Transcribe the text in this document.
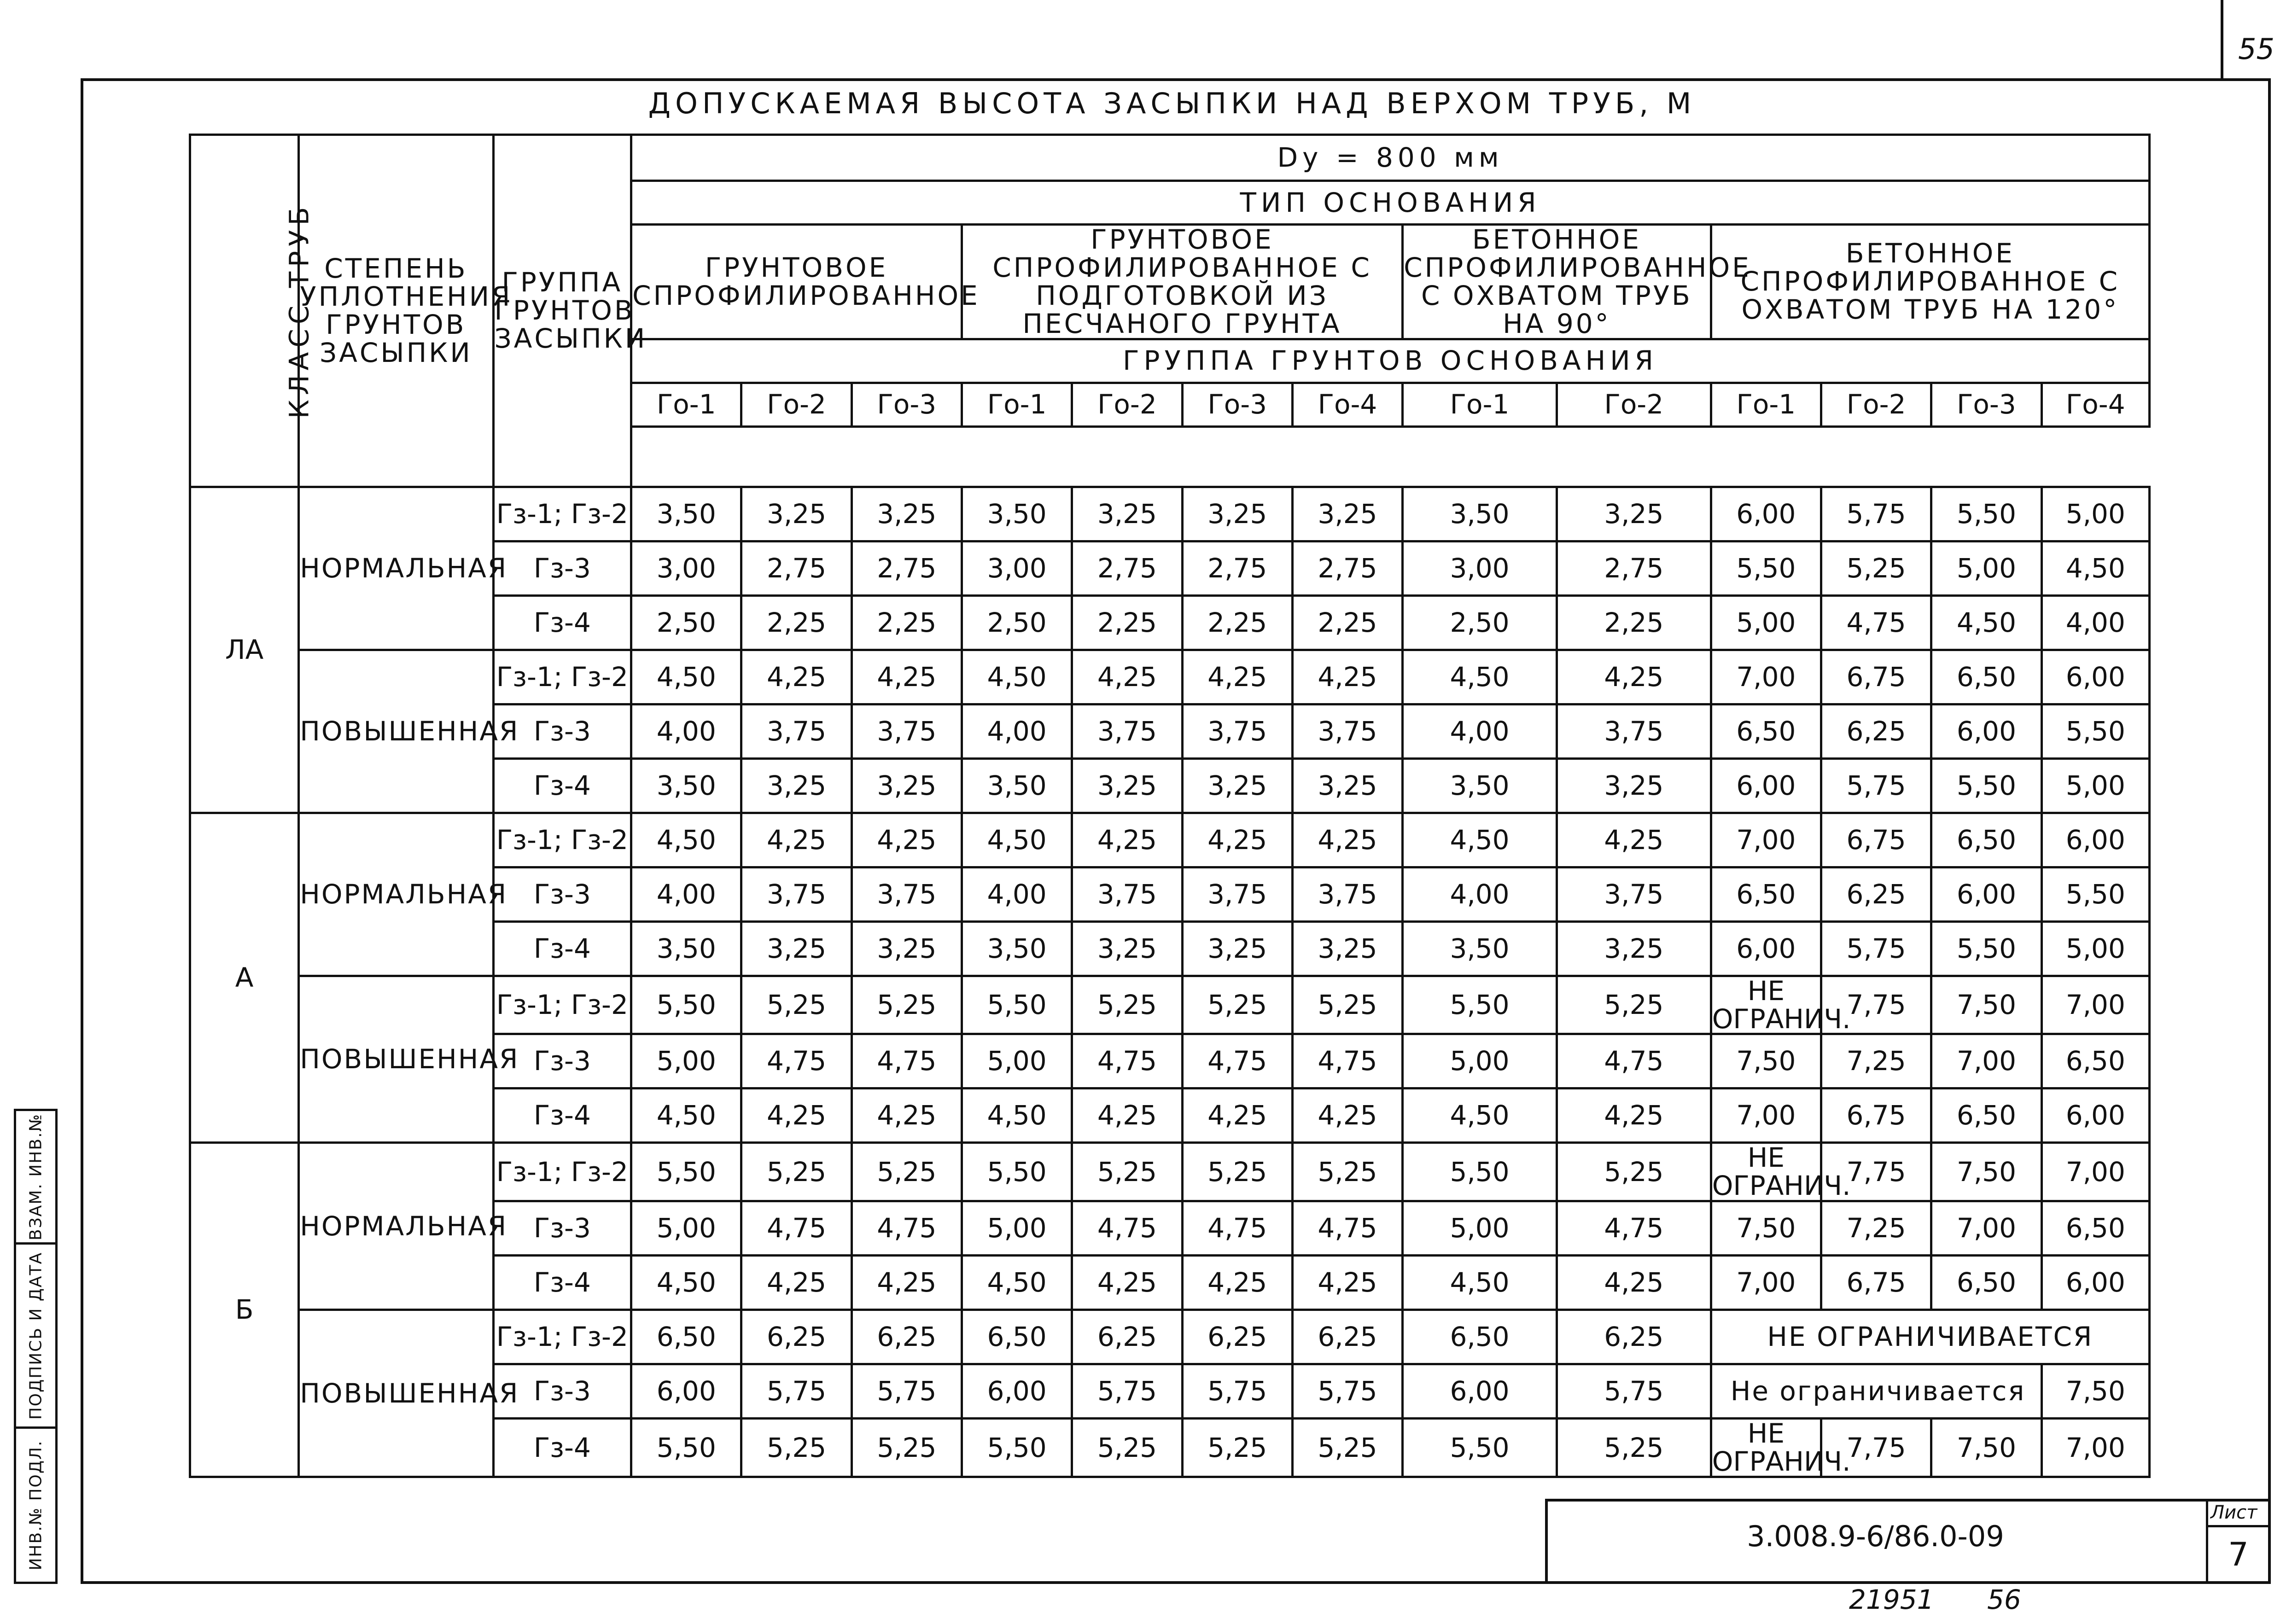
55
ДОПУСКАЕМАЯ ВЫСОТА ЗАСЫПКИ НАД ВЕРХОМ ТРУБ, М
КЛАСС ТРУБ	СТЕПЕНЬ УПЛОТНЕНИЯ ГРУНТОВ ЗАСЫПКИ	ГРУППА ГРУНТОВ ЗАСЫПКИ	Dy = 800 мм												
			ТИП ОСНОВАНИЯ												
			ГРУНТОВОЕ СПРОФИЛИРОВАННОЕ			ГРУНТОВОЕ СПРОФИЛИРОВАННОЕ С ПОДГОТОВКОЙ ИЗ ПЕСЧАНОГО ГРУНТА				БЕТОННОЕ СПРОФИЛИРОВАННОЕ С ОХВАТОМ ТРУБ НА 90°		БЕТОННОЕ СПРОФИЛИРОВАННОЕ С ОХВАТОМ ТРУБ НА 120°			
			ГРУППА ГРУНТОВ ОСНОВАНИЯ												
			Го-1	Го-2	Го-3	Го-1	Го-2	Го-3	Го-4	Го-1	Го-2	Го-1	Го-2	Го-3	Го-4

ЛА	НОРМАЛЬНАЯ	Гз-1; Гз-2	3,50	3,25	3,25	3,50	3,25	3,25	3,25	3,50	3,25	6,00	5,75	5,50	5,00
		Гз-3	3,00	2,75	2,75	3,00	2,75	2,75	2,75	3,00	2,75	5,50	5,25	5,00	4,50
		Гз-4	2,50	2,25	2,25	2,50	2,25	2,25	2,25	2,50	2,25	5,00	4,75	4,50	4,00
	ПОВЫШЕННАЯ	Гз-1; Гз-2	4,50	4,25	4,25	4,50	4,25	4,25	4,25	4,50	4,25	7,00	6,75	6,50	6,00
		Гз-3	4,00	3,75	3,75	4,00	3,75	3,75	3,75	4,00	3,75	6,50	6,25	6,00	5,50
		Гз-4	3,50	3,25	3,25	3,50	3,25	3,25	3,25	3,50	3,25	6,00	5,75	5,50	5,00
А	НОРМАЛЬНАЯ	Гз-1; Гз-2	4,50	4,25	4,25	4,50	4,25	4,25	4,25	4,50	4,25	7,00	6,75	6,50	6,00
		Гз-3	4,00	3,75	3,75	4,00	3,75	3,75	3,75	4,00	3,75	6,50	6,25	6,00	5,50
		Гз-4	3,50	3,25	3,25	3,50	3,25	3,25	3,25	3,50	3,25	6,00	5,75	5,50	5,00
	ПОВЫШЕННАЯ	Гз-1; Гз-2	5,50	5,25	5,25	5,50	5,25	5,25	5,25	5,50	5,25	НЕ ОГРАНИЧ.	7,75	7,50	7,00
		Гз-3	5,00	4,75	4,75	5,00	4,75	4,75	4,75	5,00	4,75	7,50	7,25	7,00	6,50
		Гз-4	4,50	4,25	4,25	4,50	4,25	4,25	4,25	4,50	4,25	7,00	6,75	6,50	6,00
Б	НОРМАЛЬНАЯ	Гз-1; Гз-2	5,50	5,25	5,25	5,50	5,25	5,25	5,25	5,50	5,25	НЕ ОГРАНИЧ.	7,75	7,50	7,00
		Гз-3	5,00	4,75	4,75	5,00	4,75	4,75	4,75	5,00	4,75	7,50	7,25	7,00	6,50
		Гз-4	4,50	4,25	4,25	4,50	4,25	4,25	4,25	4,50	4,25	7,00	6,75	6,50	6,00
	ПОВЫШЕННАЯ	Гз-1; Гз-2	6,50	6,25	6,25	6,50	6,25	6,25	6,25	6,50	6,25	НЕ ОГРАНИЧИВАЕТСЯ			
		Гз-3	6,00	5,75	5,75	6,00	5,75	5,75	5,75	6,00	5,75	Не ограничивается			7,50
		Гз-4	5,50	5,25	5,25	5,50	5,25	5,25	5,25	5,50	5,25	НЕ ОГРАНИЧ.	7,75	7,50	7,00
ВЗАМ. ИНВ.№
ПОДПИСЬ И ДАТА
ИНВ.№ ПОДЛ.	3.008.9-6/86.0-09
Лист
7
21951 56
